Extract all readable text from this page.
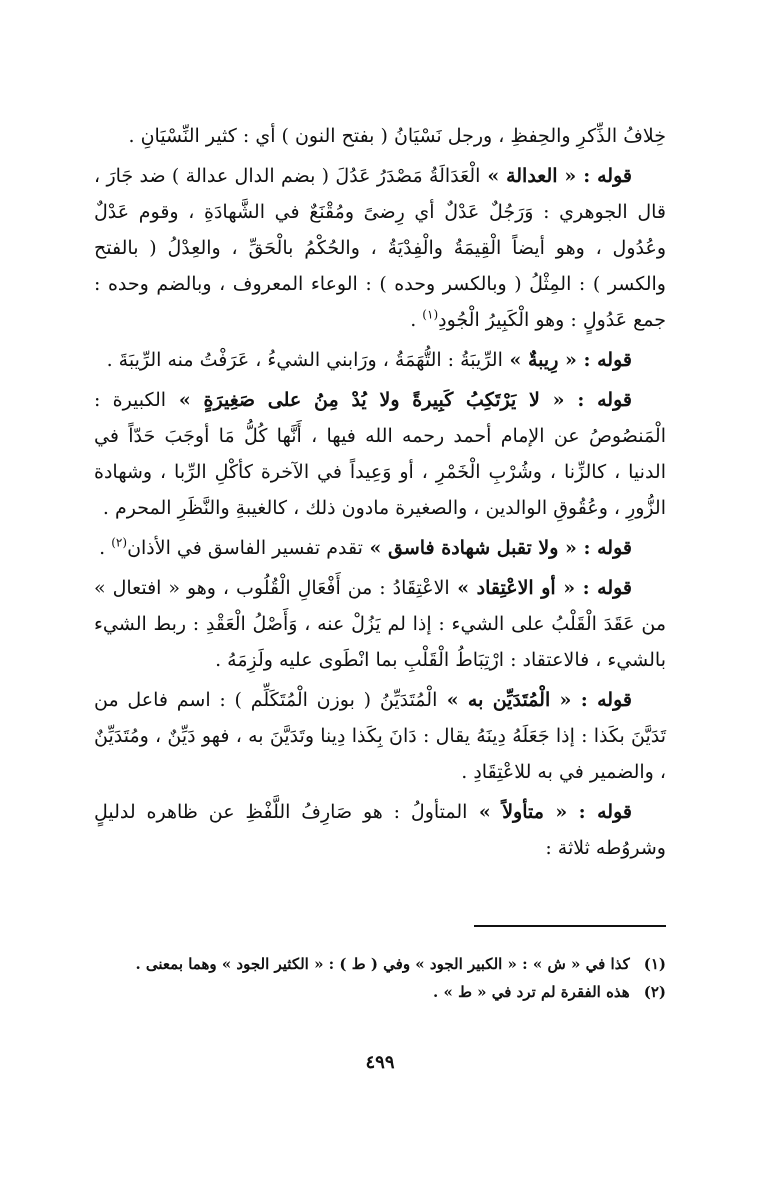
خِلافُ الذِّكرِ والحِفظِ ، ورجل نَسْيَانُ ( بفتح النون ) أي : كثير النِّسْيَانِ .

قوله : « العدالة » الْعَدَالَةُ مَصْدَرُ عَدُلَ ( بضم الدال عدالة ) ضد جَارَ ، قال الجوهري : وَرَجُلٌ عَدْلٌ أي رِضىً ومُقْنَعٌ في الشَّهادَةِ ، وقوم عَدْلٌ وعُدُول ، وهو أيضاً الْقِيمَةُ والْفِدْيَةُ ، والحُكْمُ بالْحَقِّ ، والعِدْلُ ( بالفتح والكسر ) : المِثْلُ ( وبالكسر وحده ) : الوعاء المعروف ، وبالضم وحده : جمع عَدُولٍ : وهو الْكَبِيرُ الْجُودِ$^{(١)}$ .

قوله : « رِيبةٌ » الرِّيبَةُ : التُّهَمَةُ ، ورَابني الشيءُ ، عَرَفْتُ منه الرِّيبَةَ .

قوله : « لا يَرْتَكِبُ كَبِيرةً ولا يُدْ مِنُ على صَغِيرَةٍ » الكبيرة : الْمَنصُوصُ عن الإمام أحمد رحمه الله فيها ، أَنَّها كُلُّ مَا أوجَبَ حَدّاً في الدنيا ، كالزِّنا ، وشُرْبِ الْخَمْرِ ، أو وَعِيداً في الآخرة كأكْلِ الرِّبا ، وشهادة الزُّورِ ، وعُقُوقِ الوالدين ، والصغيرة مادون ذلك ، كالغيبةِ والنَّظَرِ المحرم .

قوله : « ولا تقبل شهادة فاسق » تقدم تفسير الفاسق في الأذان$^{(٢)}$ .

قوله : « أو الاعْتِقاد » الاعْتِقَادُ : من أَفْعَالِ الْقُلُوب ، وهو « افتعال » من عَقَدَ الْقَلْبُ على الشيء : إذا لم يَزُلْ عنه ، وَأَصْلُ الْعَقْدِ : ربط الشيء بالشيء ، فالاعتقاد : ارْتِبَاطُ الْقَلْبِ بما انْطَوى عليه ولَزِمَهُ .

قوله : « الْمُتَدَيِّن به » الْمُتَدَيِّنُ ( بوزن الْمُتَكَلِّم ) : اسم فاعل من تَدَيَّنَ بكَذا : إذا جَعَلَهُ دِينَهُ يقال : دَانَ بِكَذا دِينا وتَدَيَّنَ به ، فهو دَيِّنٌ ، ومُتَدَيِّنٌ ، والضمير في به للاعْتِقَادِ .

قوله : « متأولاً » المتأولُ : هو صَارِفُ اللَّفْظِ عن ظاهره لدليلٍ وشروُطه ثلاثة :

(١)كذا في « ش » : « الكبير الجود » وفي ( ط ) : « الكثير الجود » وهما بمعنى .
(٢)هذه الفقرة لم ترد في « ط » .
٤٩٩
